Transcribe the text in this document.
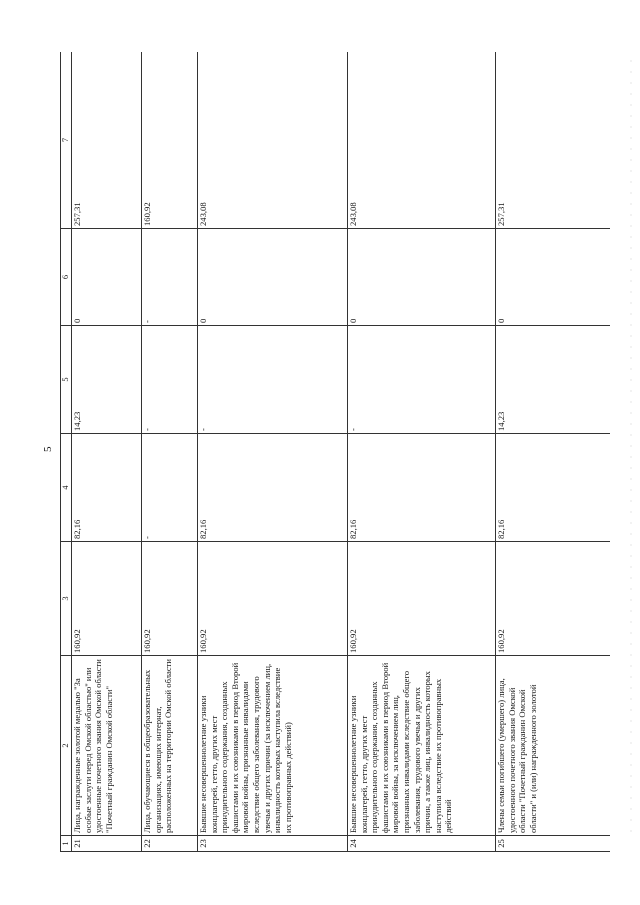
5
1	2	3	4	5	6	7
21	Лица, награжденные золотой медалью "За особые заслуги перед Омской областью" или удостоенные почетного звания Омской области "Почетный гражданин Омской области"	160,92	82,16	14,23	0	257,31
22	Лица, обучающиеся в общеобразовательных организациях, имеющих интернат, расположенных на территории Омской области	160,92	-	-	-	160,92
23	Бывшие несовершеннолетние узники концлагерей, гетто, других мест принудительного содержания, созданных фашистами и их союзниками в период Второй мировой войны, признанные инвалидами вследствие общего заболевания, трудового увечья и других причин (за исключением лиц, инвалидность которых наступила вследствие их противоправных действий)	160,92	82,16	-	0	243,08
24	Бывшие несовершеннолетние узники концлагерей, гетто, других мест принудительного содержания, созданных фашистами и их союзниками в период Второй мировой войны, за исключением лиц, признанных инвалидами вследствие общего заболевания, трудового увечья и других причин, а также лиц, инвалидность которых наступила вследствие их противоправных действий	160,92	82,16	-	0	243,08
25	Члены семьи погибшего (умершего) лица, удостоенного почетного звания Омской области "Почетный гражданин Омской области" и (или) награжденного золотой	160,92	82,16	14,23	0	257,31
